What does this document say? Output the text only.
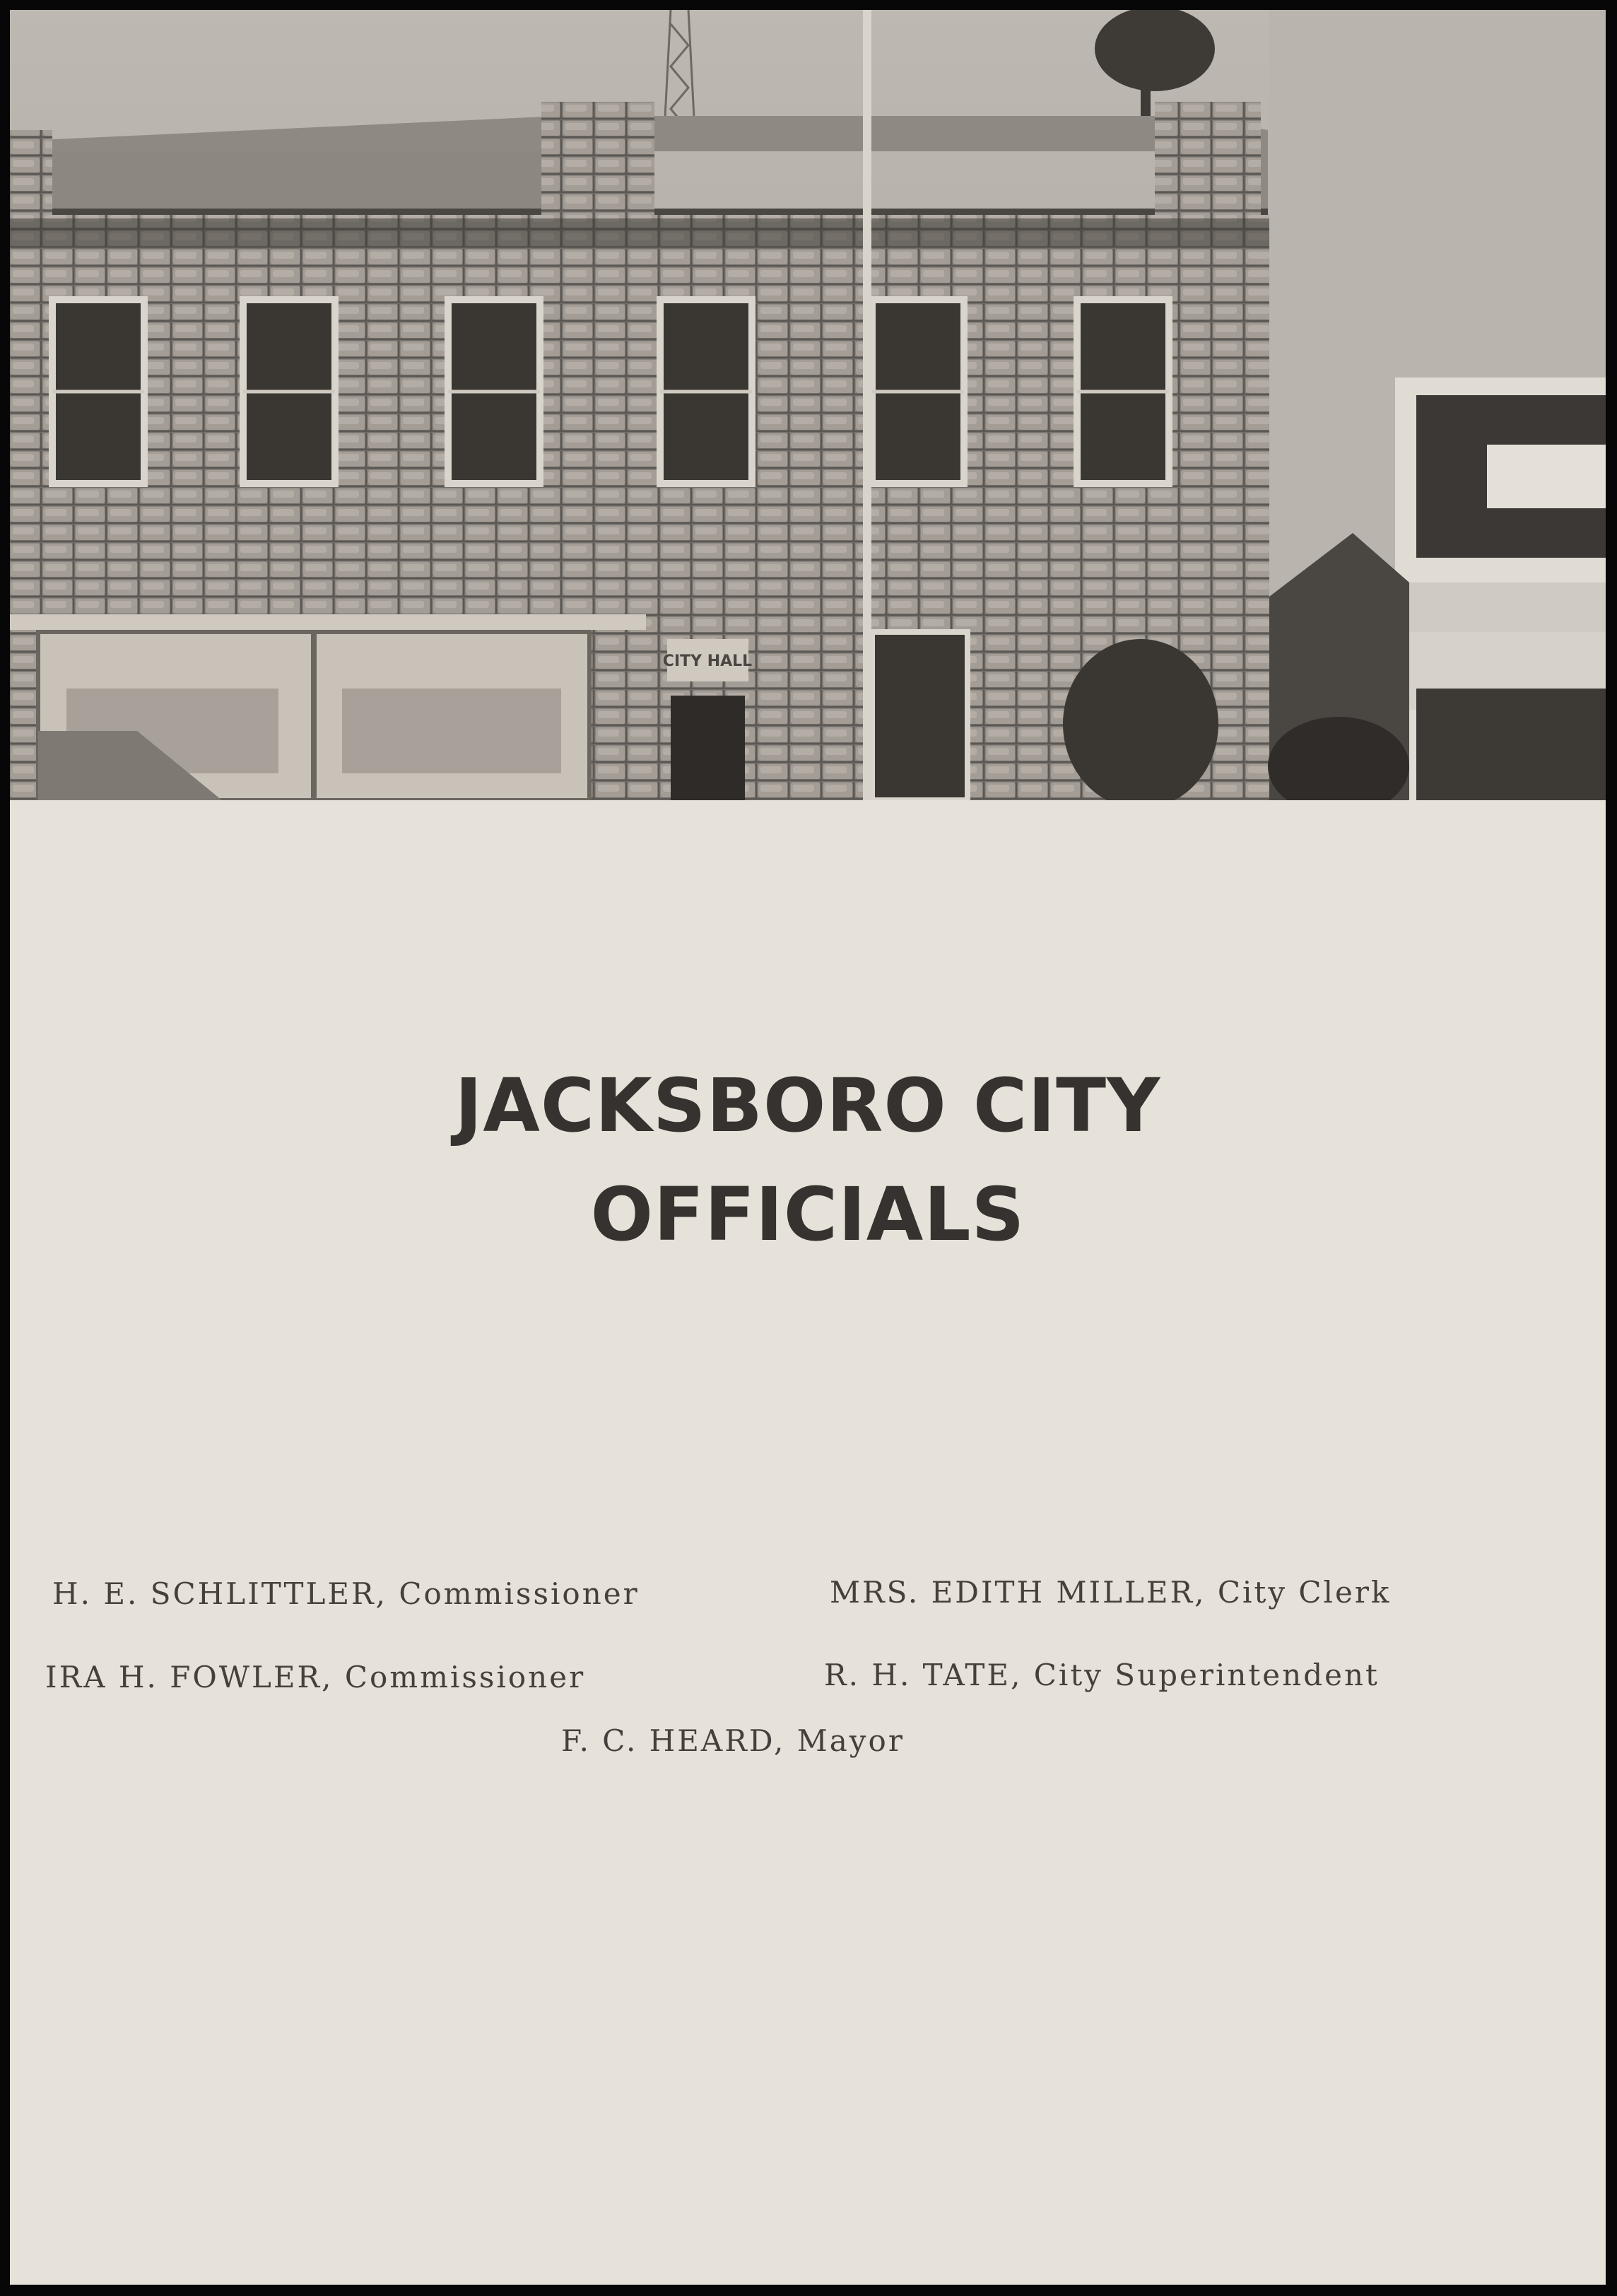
CITY HALL
JACKSBORO CITY
OFFICIALS
H. E. SCHLITTLER, Commissioner	MRS. EDITH MILLER, City Clerk
IRA H. FOWLER, Commissioner	R. H. TATE, City Superintendent
F. C. HEARD, Mayor
